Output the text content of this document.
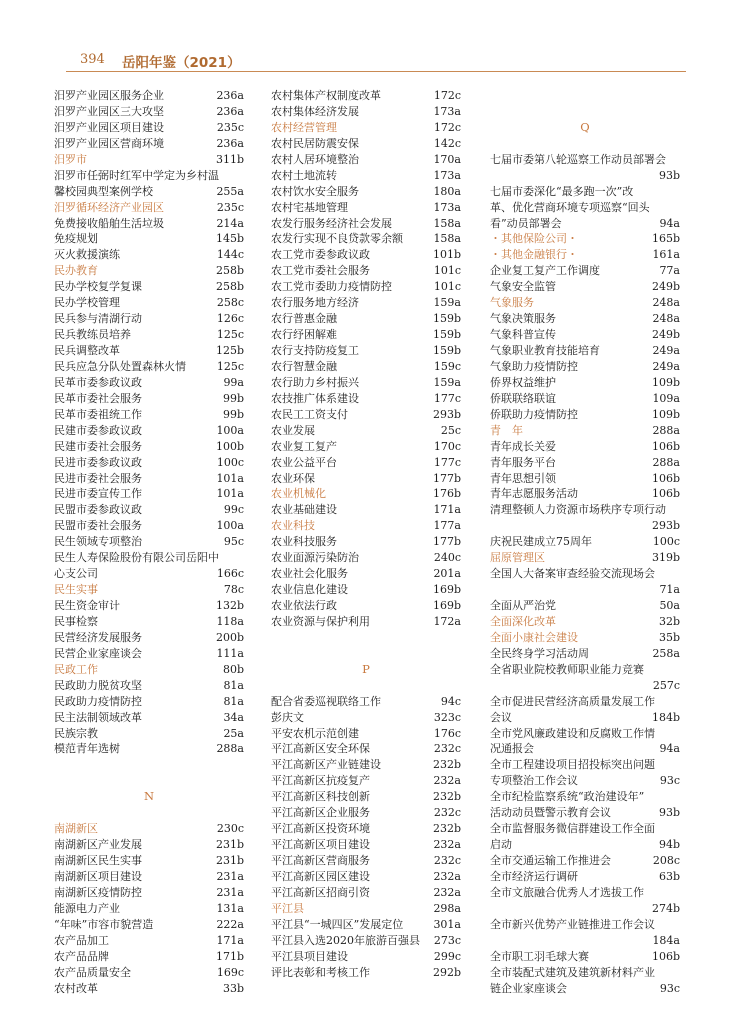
394 岳阳年鉴（2021）
汨罗产业园区服务企业	236a
汨罗产业园区三大攻坚	236a
汨罗产业园区项目建设	235c
汨罗产业园区营商环境	236a
汨罗市	311b
汨罗市任弼时红军中学定为乡村温
馨校园典型案例学校	255a
汨罗循环经济产业园区	235c
免费接收船舶生活垃圾	214a
免疫规划	145b
灭火救援演练	144c
民办教育	258b
民办学校复学复课	258b
民办学校管理	258c
民兵参与清湖行动	126c
民兵教练员培养	125c
民兵调整改革	125b
民兵应急分队处置森林火情	125c
民革市委参政议政	99a
民革市委社会服务	99b
民革市委祖统工作	99b
民建市委参政议政	100a
民建市委社会服务	100b
民进市委参政议政	100c
民进市委社会服务	101a
民进市委宣传工作	101a
民盟市委参政议政	99c
民盟市委社会服务	100a
民生领域专项整治	95c
民生人寿保险股份有限公司岳阳中
心支公司	166c
民生实事	78c
民生资金审计	132b
民事检察	118a
民营经济发展服务	200b
民营企业家座谈会	111a
民政工作	80b
民政助力脱贫攻坚	81a
民政助力疫情防控	81a
民主法制领域改革	34a
民族宗教	25a
模范青年选树	288a
N
南湖新区	230c
南湖新区产业发展	231b
南湖新区民生实事	231b
南湖新区项目建设	231a
南湖新区疫情防控	231a
能源电力产业	131a
“年味”市容市貌营造	222a
农产品加工	171a
农产品品牌	171b
农产品质量安全	169c
农村改革	33b
农村集体产权制度改革	172c
农村集体经济发展	173a
农村经营管理	172c
农村民居防震安保	142c
农村人居环境整治	170a
农村土地流转	173a
农村饮水安全服务	180a
农村宅基地管理	173a
农发行服务经济社会发展	158a
农发行实现不良贷款零余额	158a
农工党市委参政议政	101b
农工党市委社会服务	101c
农工党市委助力疫情防控	101c
农行服务地方经济	159a
农行普惠金融	159b
农行纾困解难	159b
农行支持防疫复工	159b
农行智慧金融	159c
农行助力乡村振兴	159a
农技推广体系建设	177c
农民工工资支付	293b
农业发展	25c
农业复工复产	170c
农业公益平台	177c
农业环保	177b
农业机械化	176b
农业基础建设	171a
农业科技	177a
农业科技服务	177b
农业面源污染防治	240c
农业社会化服务	201a
农业信息化建设	169b
农业依法行政	169b
农业资源与保护利用	172a
P
配合省委巡视联络工作	94c
彭庆文	323c
平安农机示范创建	176c
平江高新区安全环保	232c
平江高新区产业链建设	232b
平江高新区抗疫复产	232a
平江高新区科技创新	232b
平江高新区企业服务	232c
平江高新区投资环境	232b
平江高新区项目建设	232a
平江高新区营商服务	232c
平江高新区园区建设	232a
平江高新区招商引资	232a
平江县	298a
平江县“一城四区”发展定位	301a
平江县入选2020年旅游百强县 273c
平江县项目建设	299c
评比表彰和考核工作	292b
Q
七届市委第八轮巡察工作动员部署会
93b
七届市委深化“最多跑一次”改
革、优化营商环境专项巡察“回头
看”动员部署会	94a
・其他保险公司・	165b
・其他金融银行・	161a
企业复工复产工作调度	77a
气象安全监管	249b
气象服务	248a
气象决策服务	248a
气象科普宣传	249b
气象职业教育技能培育	249a
气象助力疫情防控	249a
侨界权益维护	109b
侨联联络联谊	109a
侨联助力疫情防控	109b
青　年	288a
青年成长关爱	106b
青年服务平台	288a
青年思想引领	106b
青年志愿服务活动	106b
清理整顿人力资源市场秩序专项行动
293b
庆祝民建成立75周年	100c
屈原管理区	319b
全国人大备案审查经验交流现场会
71a
全面从严治党	50a
全面深化改革	32b
全面小康社会建设	35b
全民终身学习活动周	258a
全省职业院校教师职业能力竞赛
257c
全市促进民营经济高质量发展工作
会议	184b
全市党风廉政建设和反腐败工作情
况通报会	94a
全市工程建设项目招投标突出问题
专项整治工作会议	93c
全市纪检监察系统“政治建设年”
活动动员暨警示教育会议	93b
全市监督服务微信群建设工作全面
启动	94b
全市交通运输工作推进会	208c
全市经济运行调研	63b
全市文旅融合优秀人才选拔工作
274b
全市新兴优势产业链推进工作会议
184a
全市职工羽毛球大赛	106b
全市装配式建筑及建筑新材料产业
链企业家座谈会	93c
